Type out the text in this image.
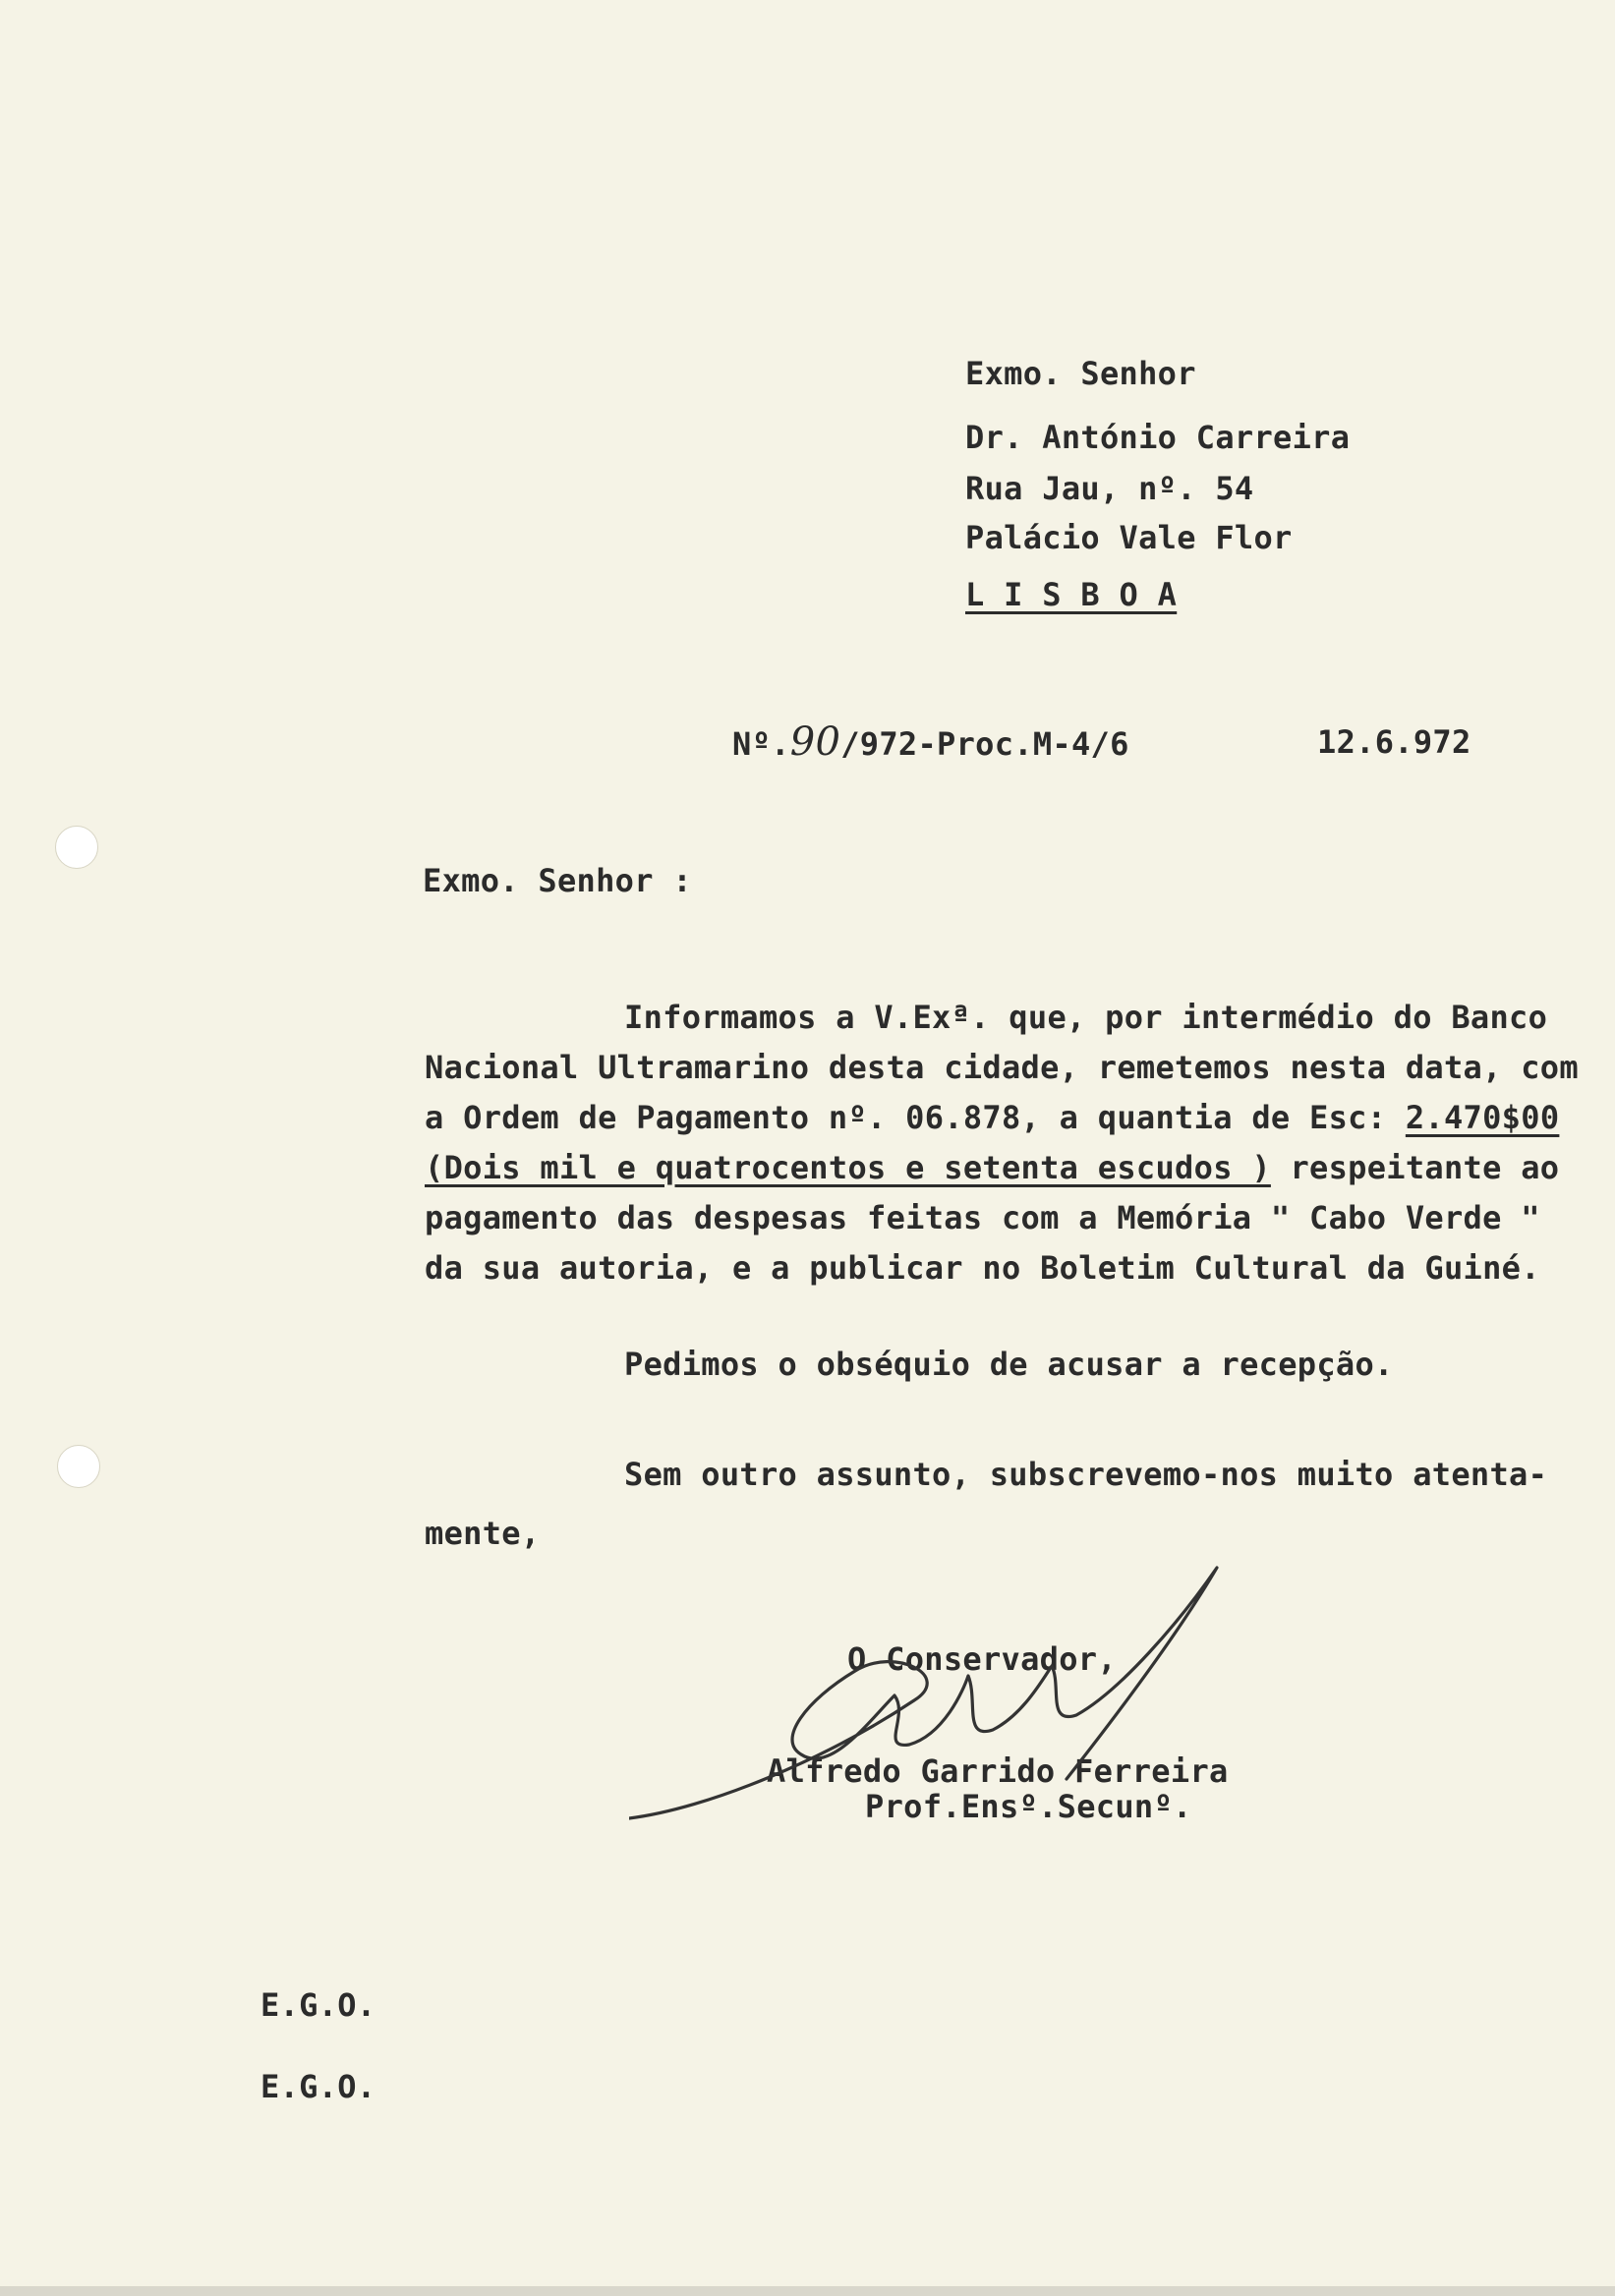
Exmo. Senhor
Dr. António Carreira
Rua Jau, nº. 54
Palácio Vale Flor
L I S B O A
Nº.90/972-Proc.M-4/6	12.6.972
Exmo. Senhor :
Informamos a V.Exª. que, por intermédio do Banco
Nacional Ultramarino desta cidade, remetemos nesta data, com
a Ordem de Pagamento nº. 06.878, a quantia de Esc: 2.470$00
(Dois mil e quatrocentos e setenta escudos ) respeitante ao
pagamento das despesas feitas com a Memória " Cabo Verde "
da sua autoria, e a publicar no Boletim Cultural da Guiné.
Pedimos o obséquio de acusar a recepção.
Sem outro assunto, subscrevemo-nos muito atenta-
mente,
O Conservador,
Alfredo Garrido Ferreira
Prof.Ensº.Secunº.
E.G.O.
E.G.O.
